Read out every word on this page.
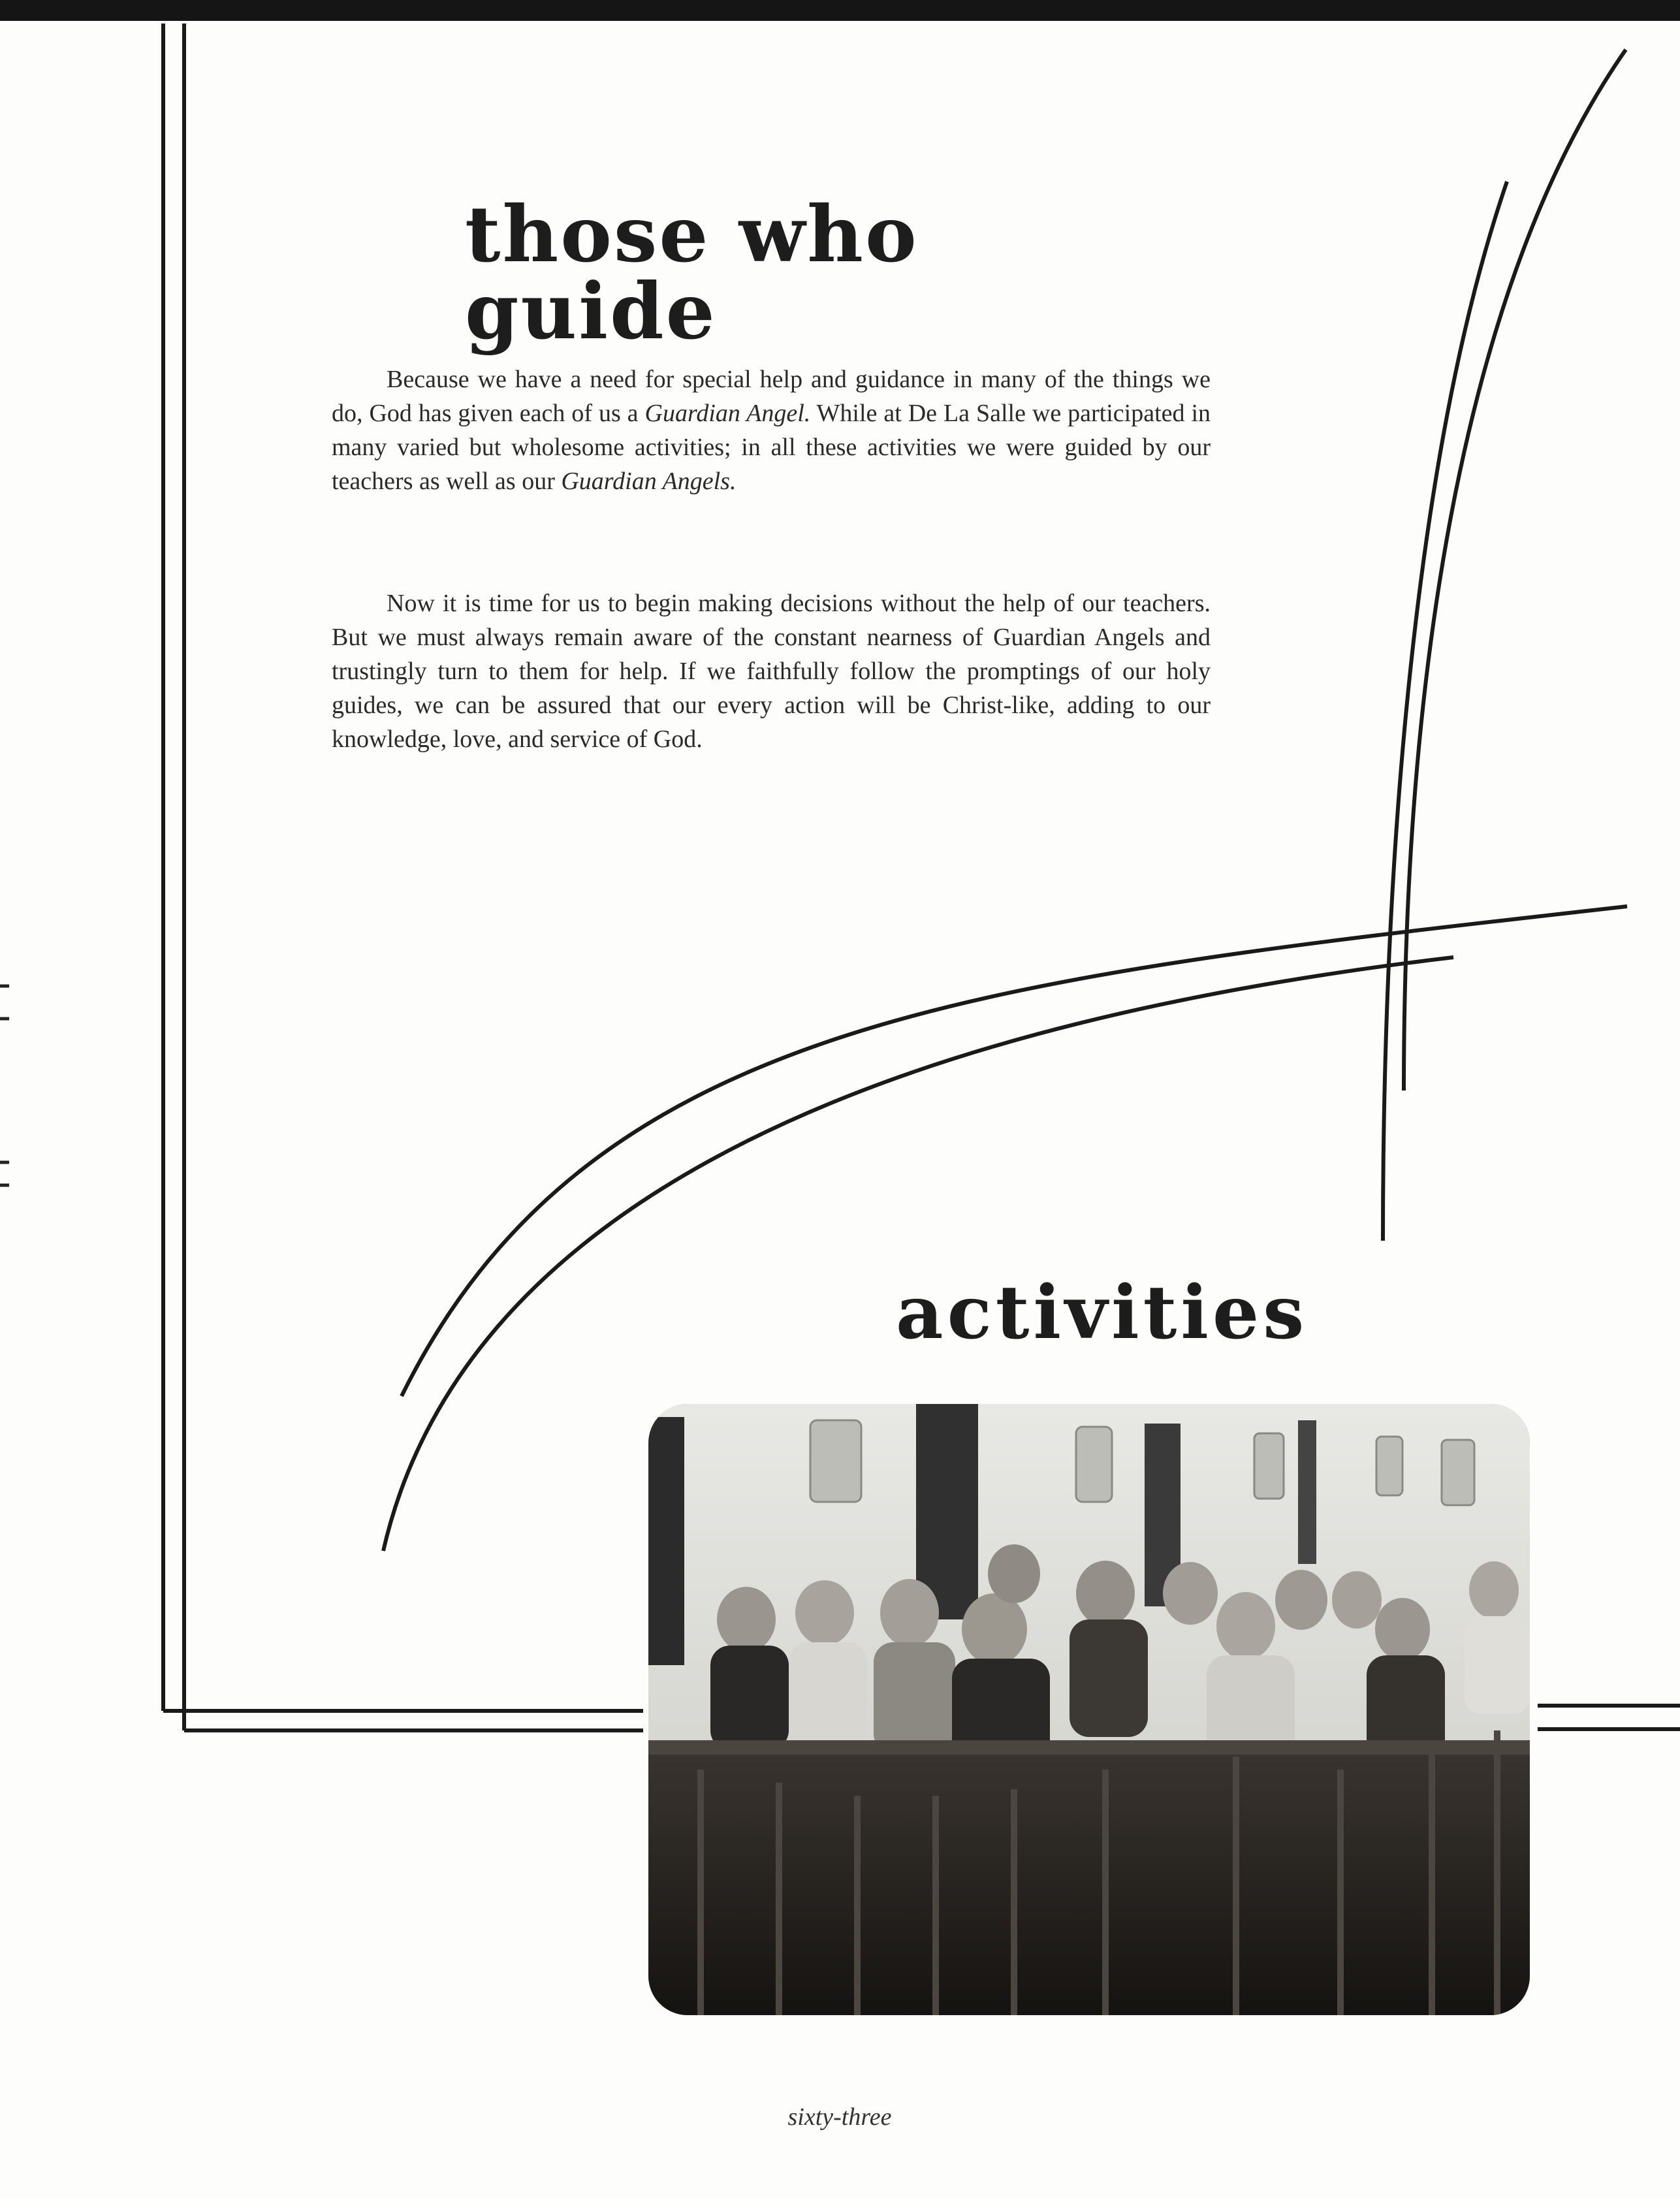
those who guide

Because we have a need for special help and guidance in many of the things we do, God has given each of us a Guardian Angel. While at De La Salle we participated in many varied but wholesome activities; in all these activities we were guided by our teachers as well as our Guardian Angels.

Now it is time for us to begin making decisions without the help of our teachers. But we must always remain aware of the constant nearness of Guardian Angels and trustingly turn to them for help. If we faithfully follow the promptings of our holy guides, we can be assured that our every action will be Christ-like, adding to our knowledge, love, and service of God.

activities
sixty-three
